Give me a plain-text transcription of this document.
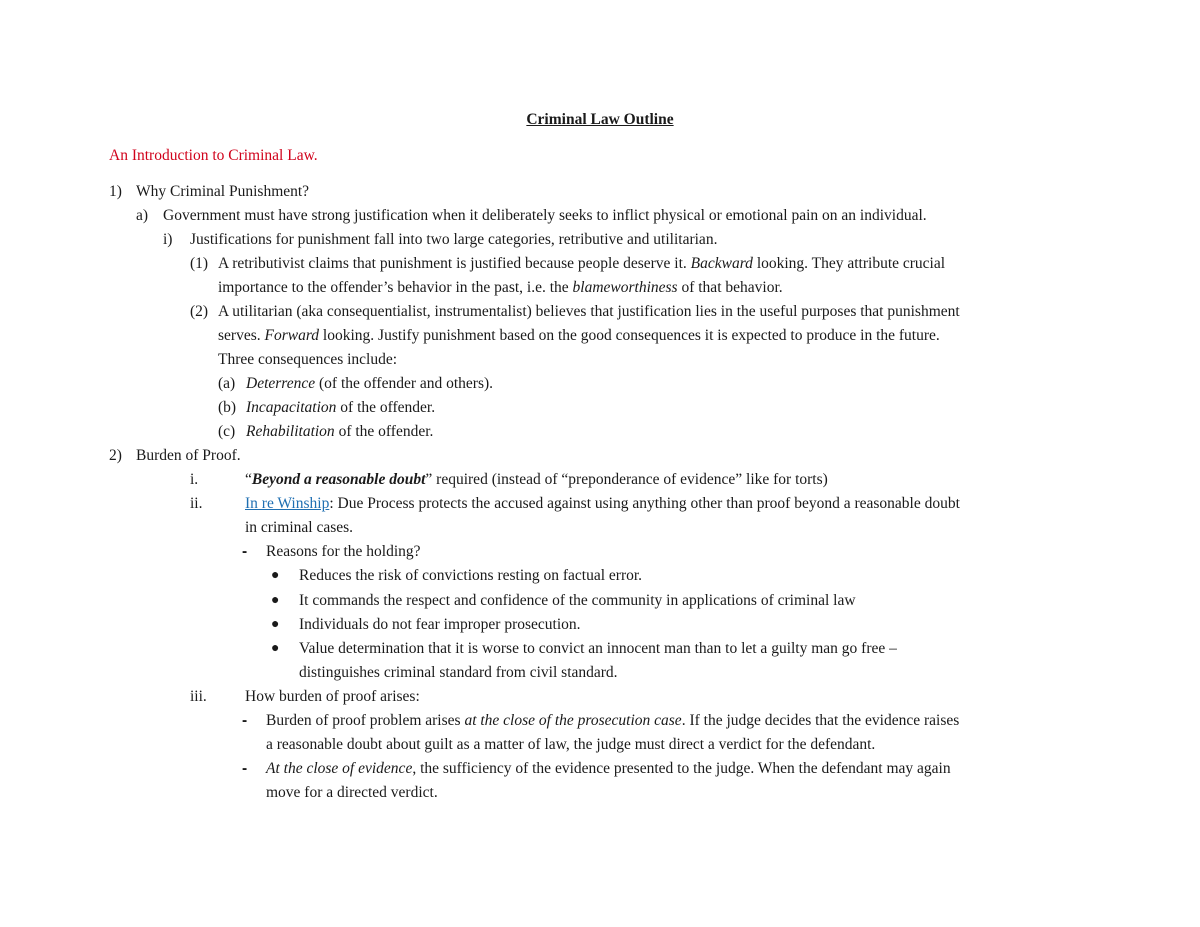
Criminal Law Outline
An Introduction to Criminal Law.
1) Why Criminal Punishment?
a) Government must have strong justification when it deliberately seeks to inflict physical or emotional pain on an individual.
i) Justifications for punishment fall into two large categories, retributive and utilitarian.
(1) A retributivist claims that punishment is justified because people deserve it. Backward looking. They attribute crucial
importance to the offender’s behavior in the past, i.e. the blameworthiness of that behavior.
(2) A utilitarian (aka consequentialist, instrumentalist) believes that justification lies in the useful purposes that punishment
serves. Forward looking. Justify punishment based on the good consequences it is expected to produce in the future.
Three consequences include:
(a) Deterrence (of the offender and others).
(b) Incapacitation of the offender.
(c) Rehabilitation of the offender.
2) Burden of Proof.
i.	“Beyond a reasonable doubt” required (instead of “preponderance of evidence” like for torts)
ii.	In re Winship: Due Process protects the accused against using anything other than proof beyond a reasonable doubt
in criminal cases.
- Reasons for the holding?
● Reduces the risk of convictions resting on factual error.
● It commands the respect and confidence of the community in applications of criminal law
● Individuals do not fear improper prosecution.
● Value determination that it is worse to convict an innocent man than to let a guilty man go free –
distinguishes criminal standard from civil standard.
iii. How burden of proof arises:
- Burden of proof problem arises at the close of the prosecution case. If the judge decides that the evidence raises
a reasonable doubt about guilt as a matter of law, the judge must direct a verdict for the defendant.
- At the close of evidence, the sufficiency of the evidence presented to the judge. When the defendant may again
move for a directed verdict.
